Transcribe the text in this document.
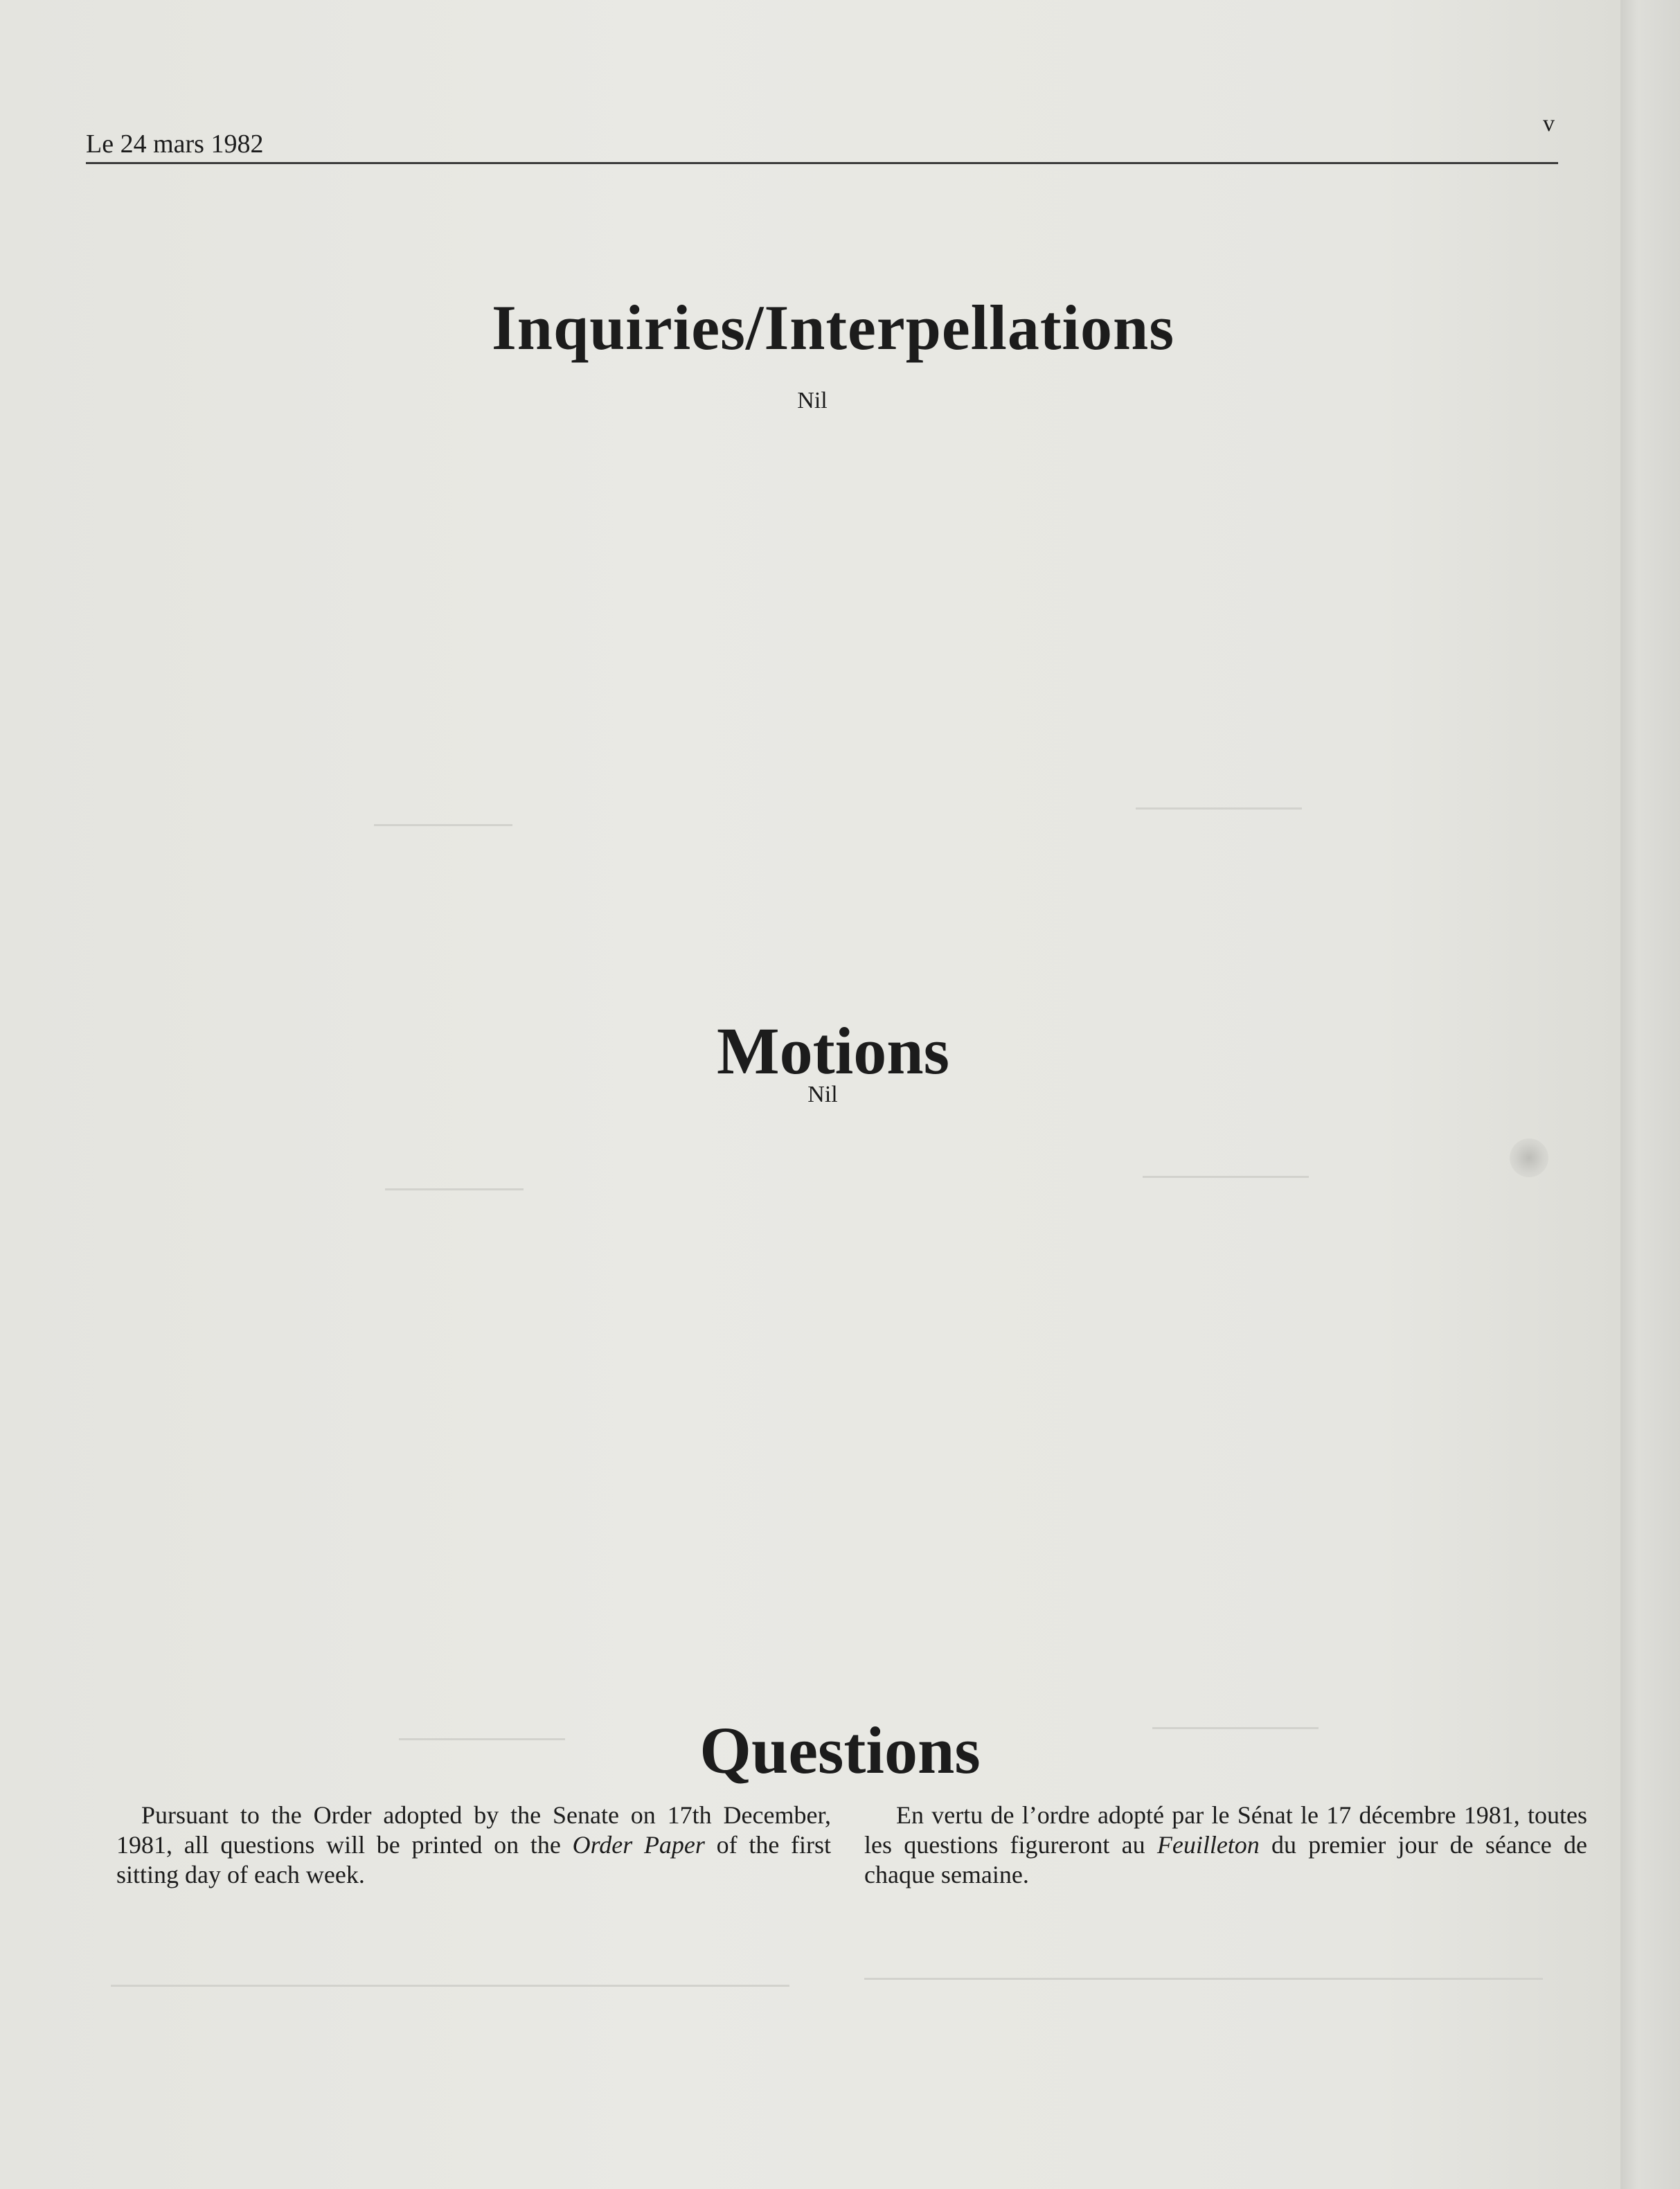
Le 24 mars 1982
v
Inquiries/Interpellations

Nil

Motions

Nil

Questions

Pursuant to the Order adopted by the Senate on 17th December, 1981, all questions will be printed on the Order Paper of the first sitting day of each week.

En vertu de l’ordre adopté par le Sénat le 17 décembre 1981, toutes les questions figureront au Feuilleton du premier jour de séance de chaque semaine.
